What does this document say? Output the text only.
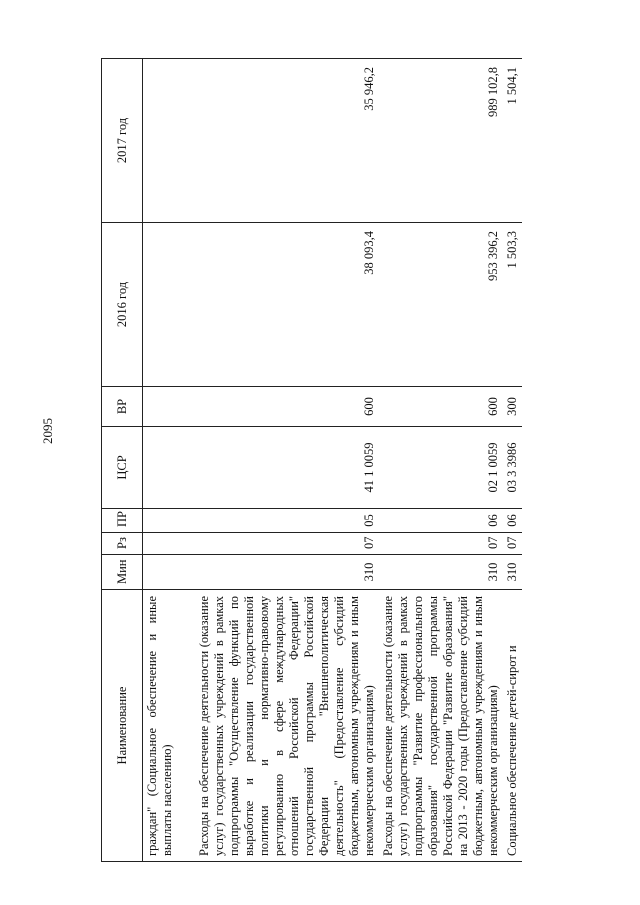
2095
Наименование	Мин	Рз	ПР	ЦСР	ВР	2016 год	2017 год
граждан" (Социальное обеспечение и иные выплаты населению)							
Расходы на обеспечение деятельности (оказание услуг) государственных учреждений в рамках подпрограммы "Осуществление функций по выработке и реализации государственной политики и нормативно-правовому регулированию в сфере международных отношений Российской Федерации" государственной программы Российской Федерации "Внешнеполитическая деятельность" (Предоставление субсидий бюджетным, автономным учреждениям и иным некоммерческим организациям)	310	07	05	41 1 0059	600	38 093,4	35 946,2
Расходы на обеспечение деятельности (оказание услуг) государственных учреждений в рамках подпрограммы "Развитие профессионального образования" государственной программы Российской Федерации "Развитие образования" на 2013 - 2020 годы (Предоставление субсидий бюджетным, автономным учреждениям и иным некоммерческим организациям)	310	07	06	02 1 0059	600	953 396,2	989 102,8
Социальное обеспечение детей-сирот и	310	07	06	03 3 3986	300	1 503,3	1 504,1
